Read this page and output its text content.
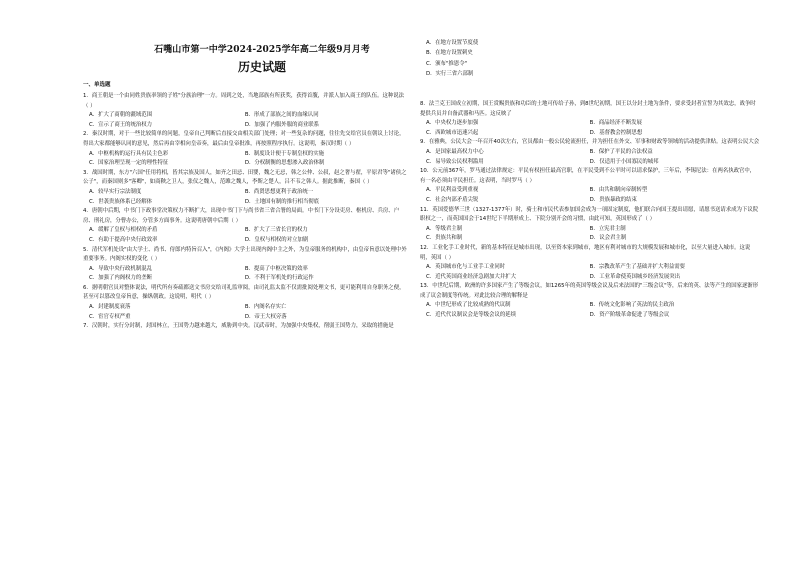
石嘴山市第一中学2024-2025学年高二年级9月月考
历史试题
一、单选题
1．商王朝是一个由同姓贵族率领的子姓"分族治理"一方。周到之处，当地部族有所获奖，获得首腹，并派人加入商王的队伍。这种说法（ ）
A．扩大了商朝的疆域范围	B．形成了部族之间的血缘认同
C．宣示了商王的统治权力	D．加强了内服外服的商业联系
2．秦汉时期，对于一些比较简单的问题，皇帝自己判断后直接交由相关部门处理；对一些复杂的问题，往往先交给官员在朝议上讨论，得出大家都能够认同的意见，然后再由宰相向皇帝奏，最后由皇帝批准，再按照程序执行。这说明，秦汉时期（ ）
A．中枢机构的运行具有民主色彩	B．制度设计便于专制皇权的实施
C．国家治理呈现一定的理性特征	D．分权制衡的思想渗入政治体制
3．战国时期，东方"六国"任用将相，皆其宗族及国人，如齐之田忌、田婴，魏之无忌，韩之公仲、公叔，赵之奢与翟，平原君等"诸侯之公子"，而秦国则多"客卿"，如商鞅之卫人，张仪之魏人，范雎之魏人，李斯之楚人，吕不韦之韩人。据此推断，秦国（ ）
A．较早实行宗法制度	B．尚贤思想更利于政治统一
C．世袭贵族体系已经解体	D．土地国有制的推行相当彻底
4．唐朝中后期，中书门下政事堂决策权力不断扩大，出现中书门下与尚书省三省合署的局面。中书门下分设吏房、枢机房、兵房、户房、刑礼房，分曹办公，分管多方面事务。这说明唐朝中后期（ ）
A．缓解了皇权与相权的矛盾	B．扩大了三省长官的权力
C．有助于提高中央行政效率	D．皇权与相权的对立加剧
5．清代军机处设"由大学士、尚书、侍郎内特旨召入"，《内阁》大学士出现内阁中主之外，为皇帝服务的机构中，由皇帝旨意以处理中外重要事务。内阁实权的变化（ ）
A．导致中央行政机制混乱	B．提高了中枢决策的效率
C．加强了内阁权力的垄断	D．不利于军机处的行政运作
6．据明朝官员对整体说法，明代所有奏疏都送文书房交给司礼监审阅，由司礼监太监不仅需批阅处理文书，更可能利用自身职务之便，甚至可以篡改皇帝旨意，操纵朝政。这说明，明代（ ）
A．封建制度衰落	B．内阁名存实亡
C．宦官专权严重	D．帝王大权旁落
7．汉朝时，实行分封制，封国林立，王国势力越来越大，威胁到中央。汉武帝时，为加强中央集权，削弱王国势力，采取的措施是
A．在地方设置节度使
B．在地方设置刺史
C．颁布"推恩令"
D．实行三省六部制
8．法兰克王国成立初期，国王赏赐贵族和功臣的土地可传给子孙，到8世纪初期，国王以分封土地为条件，要求受封者宣誓为其效忠，战争时提供兵员并自备武器和马匹。这反映了
A．中央权力逐步加强	B．商品经济不断发展
C．西欧城市迅速兴起	D．基督教会控制思想
9．在雅典，公民大会一年召开40次左右，官员都由一般公民轮流担任，并为担任在外交、军事和财政等领域的活动提供津贴。这表明公民大会
A．是国家最高权力中心	B．保护了平民的合法权益
C．易导致公民权利滥用	D．仅适用于小国寡民的城邦
10．公元前367年，罗马通过法律规定：平民有权担任最高官职，在平民受到不公平时可以请求保护，三年后，李锡尼法：在两名执政官中，有一名必须由平民担任。这表明，当时罗马（ ）
A．平民利益受到重视	B．由共和制向帝制转型
C．社会内部矛盾尖锐	D．贵族暴政的结束
11．英国爱德华三世（1327-1377年）时，骑士和市民代表参加国会成为一项固定制度，他们联合向国王提出请愿，请愿书送请求成为下议院职权之一，而英国国会于14世纪下半期形成上、下院分别开会的习惯，由此可知，英国形成了（ ）
A．等级君主制	B．立宪君主制
C．贵族共和制	D．议会君主制
12．工业化手工业时代，新的基本特征是城市出现，以至资本家到城市，地区有利对城市的大规模发展和城市化，以至大量进入城市。这说明，英国（ ）
A．英国城市化与工业手工业同时	B．宗教改革产生了基础并扩大利益需要
C．近代英国商业经济急剧加大并扩大	D．工业革命使英国城乡经济发展突出
13．中世纪后期，欧洲的许多国家产生了等级会议，如1265年的英国等级会议及后来法国的"三级会议"等，后来的英、法等产生的国家逐渐形成了议会制度等传统。对此比较合理的解释是
A．中世纪形成了比较成熟的代议制	B．传统文化影响了英法的民主政治
C．近代代议制议会是等级会议的延续	D．资产阶级革命促进了等级会议
